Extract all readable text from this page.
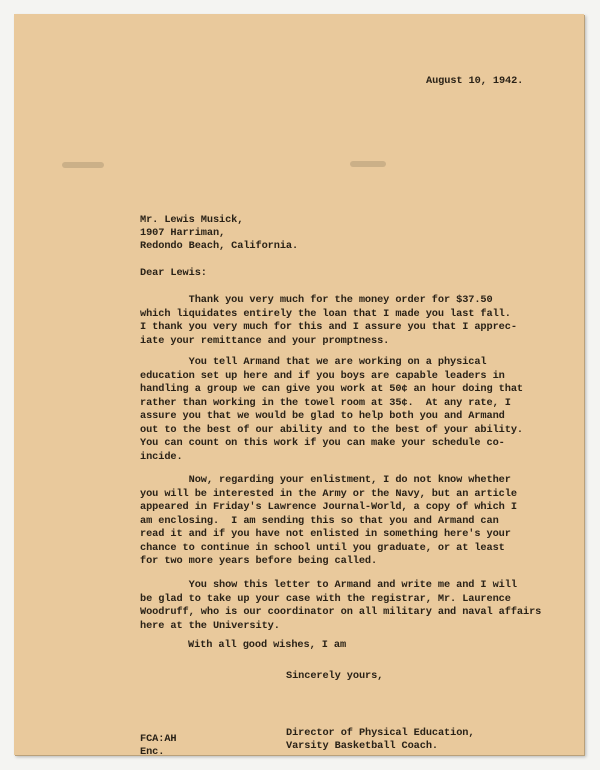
August 10, 1942.
Mr. Lewis Musick,
1907 Harriman,
Redondo Beach, California.
Dear Lewis:
Thank you very much for the money order for $37.50
which liquidates entirely the loan that I made you last fall.
I thank you very much for this and I assure you that I apprec-
iate your remittance and your promptness.
You tell Armand that we are working on a physical
education set up here and if you boys are capable leaders in
handling a group we can give you work at 50¢ an hour doing that
rather than working in the towel room at 35¢.  At any rate, I
assure you that we would be glad to help both you and Armand
out to the best of our ability and to the best of your ability.
You can count on this work if you can make your schedule co-
incide.
Now, regarding your enlistment, I do not know whether
you will be interested in the Army or the Navy, but an article
appeared in Friday's Lawrence Journal-World, a copy of which I
am enclosing.  I am sending this so that you and Armand can
read it and if you have not enlisted in something here's your
chance to continue in school until you graduate, or at least
for two more years before being called.
You show this letter to Armand and write me and I will
be glad to take up your case with the registrar, Mr. Laurence
Woodruff, who is our coordinator on all military and naval affairs
here at the University.
With all good wishes, I am
Sincerely yours,
Director of Physical Education,
Varsity Basketball Coach.
FCA:AH
Enc.
